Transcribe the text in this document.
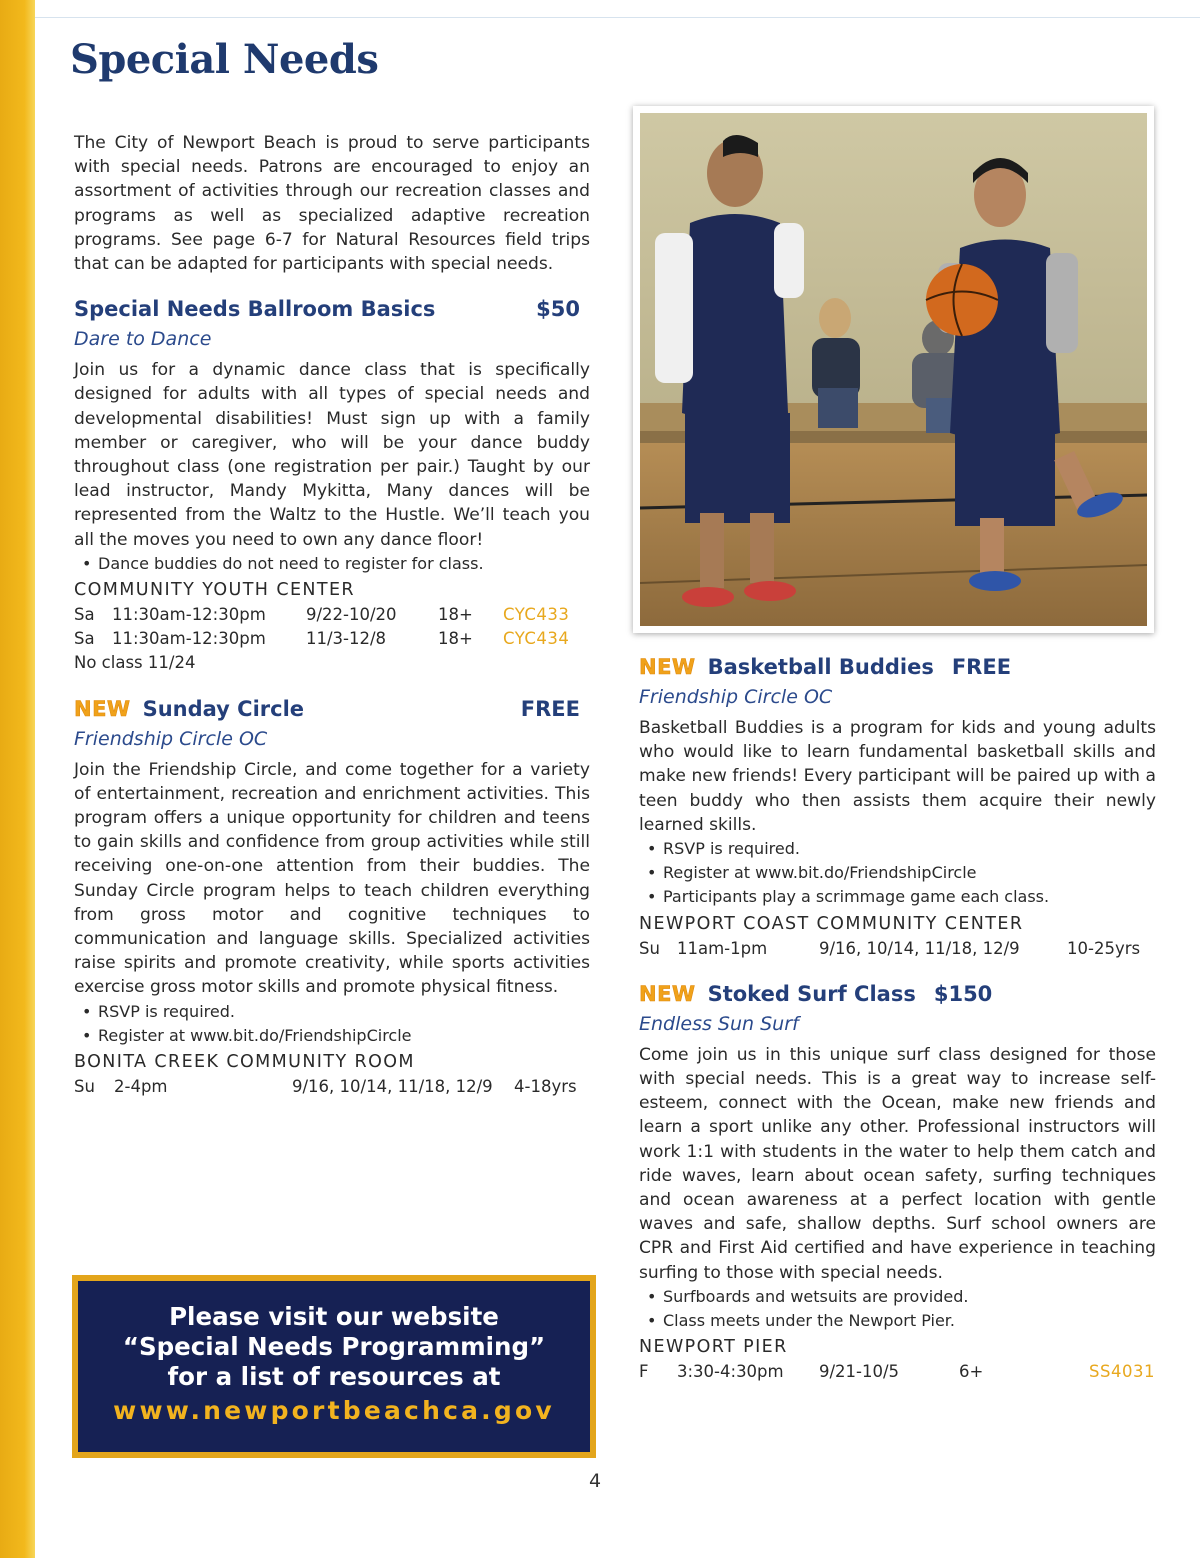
Special Needs

The City of Newport Beach is proud to serve participants with special needs. Patrons are encouraged to enjoy an assortment of activities through our recreation classes and programs as well as specialized adaptive recreation programs. See page 6-7 for Natural Resources field trips that can be adapted for participants with special needs.

Special Needs Ballroom Basics	$50
Dare to Dance

Join us for a dynamic dance class that is specifically designed for adults with all types of special needs and developmental disabilities! Must sign up with a family member or caregiver, who will be your dance buddy throughout class (one registration per pair.) Taught by our lead instructor, Mandy Mykitta, Many dances will be represented from the Waltz to the Hustle. We’ll teach you all the moves you need to own any dance floor!

• Dance buddies do not need to register for class.
COMMUNITY YOUTH CENTER
Sa	11:30am-12:30pm	9/22-10/20	18+	CYC433
Sa	11:30am-12:30pm	11/3-12/8	18+	CYC434
No class 11/24
NEW Sunday Circle	FREE
Friendship Circle OC

Join the Friendship Circle, and come together for a variety of entertainment, recreation and enrichment activities. This program offers a unique opportunity for children and teens to gain skills and confidence from group activities while still receiving one-on-one attention from their buddies. The Sunday Circle program helps to teach children everything from gross motor and cognitive techniques to communication and language skills. Specialized activities raise spirits and promote creativity, while sports activities exercise gross motor skills and promote physical fitness.

• RSVP is required.
• Register at www.bit.do/FriendshipCircle
BONITA CREEK COMMUNITY ROOM
Su	2-4pm	9/16, 10/14, 11/18, 12/9	4-18yrs
NEW Basketball Buddies FREE
Friendship Circle OC

Basketball Buddies is a program for kids and young adults who would like to learn fundamental basketball skills and make new friends! Every participant will be paired up with a teen buddy who then assists them acquire their newly learned skills.

• RSVP is required.
• Register at www.bit.do/FriendshipCircle
• Participants play a scrimmage game each class.
NEWPORT COAST COMMUNITY CENTER
Su	11am-1pm	9/16, 10/14, 11/18, 12/9	10-25yrs
NEW Stoked Surf Class $150
Endless Sun Surf

Come join us in this unique surf class designed for those with special needs. This is a great way to increase self-esteem, connect with the Ocean, make new friends and learn a sport unlike any other. Professional instructors will work 1:1 with students in the water to help them catch and ride waves, learn about ocean safety, surfing techniques and ocean awareness at a perfect location with gentle waves and safe, shallow depths. Surf school owners are CPR and First Aid certified and have experience in teaching surfing to those with special needs.

• Surfboards and wetsuits are provided.
• Class meets under the Newport Pier.
NEWPORT PIER
F	3:30-4:30pm	9/21-10/5	6+	SS4031
Please visit our website
“Special Needs Programming”
for a list of resources at
www.newportbeachca.gov
4
